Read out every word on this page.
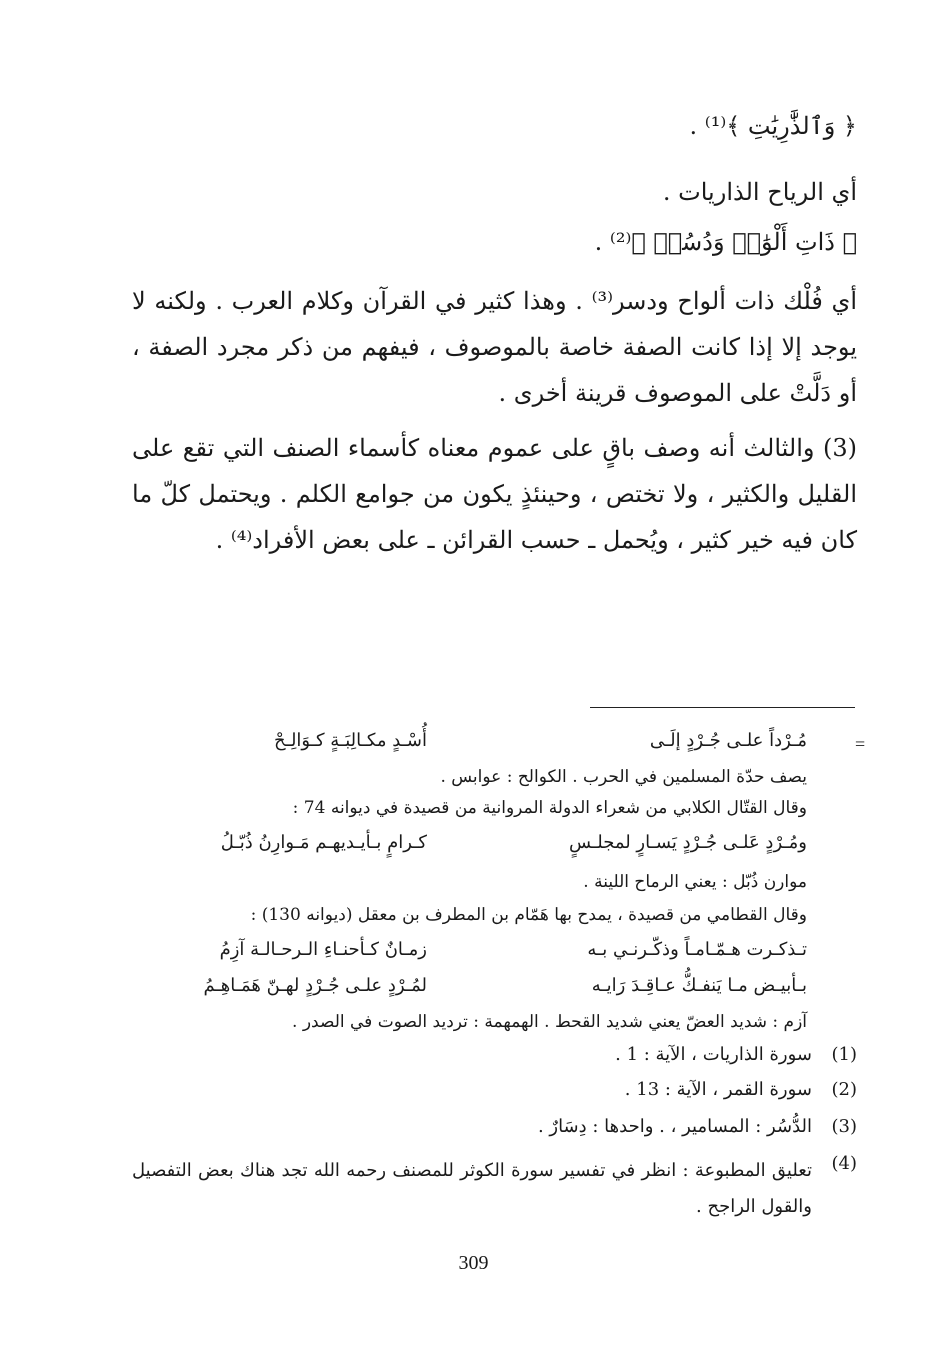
﴿ وَٱلذَّٰرِيَٰتِ ﴾⁽¹⁾ .
أي الرياح الذاريات .
﴿ ذَاتِ أَلْوَٰحٖ وَدُسُرٖ ﴾⁽²⁾ .
أي فُلْك ذات ألواح ودسر⁽³⁾ . وهذا كثير في القرآن وكلام العرب . ولكنه لا يوجد إلا إذا كانت الصفة خاصة بالموصوف ، فيفهم من ذكر مجرد الصفة ، أو دَلَّتْ على الموصوف قرينة أخرى .
(3) والثالث أنه وصف باقٍ على عموم معناه كأسماء الصنف التي تقع على القليل والكثير ، ولا تختص ، وحينئذٍ يكون من جوامع الكلم . ويحتمل كلّ ما كان فيه خير كثير ، ويُحمل ـ حسب القرائن ـ على بعض الأفراد⁽⁴⁾ .
=
مُـرْداً علـى جُـرْدٍ إلَـى
أُسْـدٍ مكـالِبَـةٍ كـوَالِـحْ
يصف حدّة المسلمين في الحرب . الكوالح : عوابس .
وقال القتّال الكلابي من شعراء الدولة المروانية من قصيدة في ديوانه 74 :
ومُـرْدٍ عَلـى جُـرْدٍ يَسـارٍ لمجلـسٍ
كـرامٍ بـأيـديهـم مَـوارِنُ ذُبّـلُ
موارن ذُبّل : يعني الرماح اللينة .
وقال القطامي من قصيدة ، يمدح بها هَمّام بن المطرف بن معقل (ديوانه 130) :
تـذكـرت هـمّـامـاً وذكّـرنـي بـه
زمـانٌ كـأحنـاءِ الـرحـالـة آزِمُ
بـأبيـض مـا يَنفـكُّ عـاقِـدَ رَايـه
لمُـرْدٍ علـى جُـرْدٍ لهـنّ هَمَـاهِـمُ
آزم : شديد العضّ يعني شديد القحط . الهمهمة : ترديد الصوت في الصدر .
(1)
سورة الذاريات ، الآية : 1 .
(2)
سورة القمر ، الآية : 13 .
(3)
الدُّسُر : المسامير ، . واحدها : دِسَارٌ .
(4)
تعليق المطبوعة : انظر في تفسير سورة الكوثر للمصنف رحمه الله تجد هناك بعض التفصيل والقول الراجح .
309
